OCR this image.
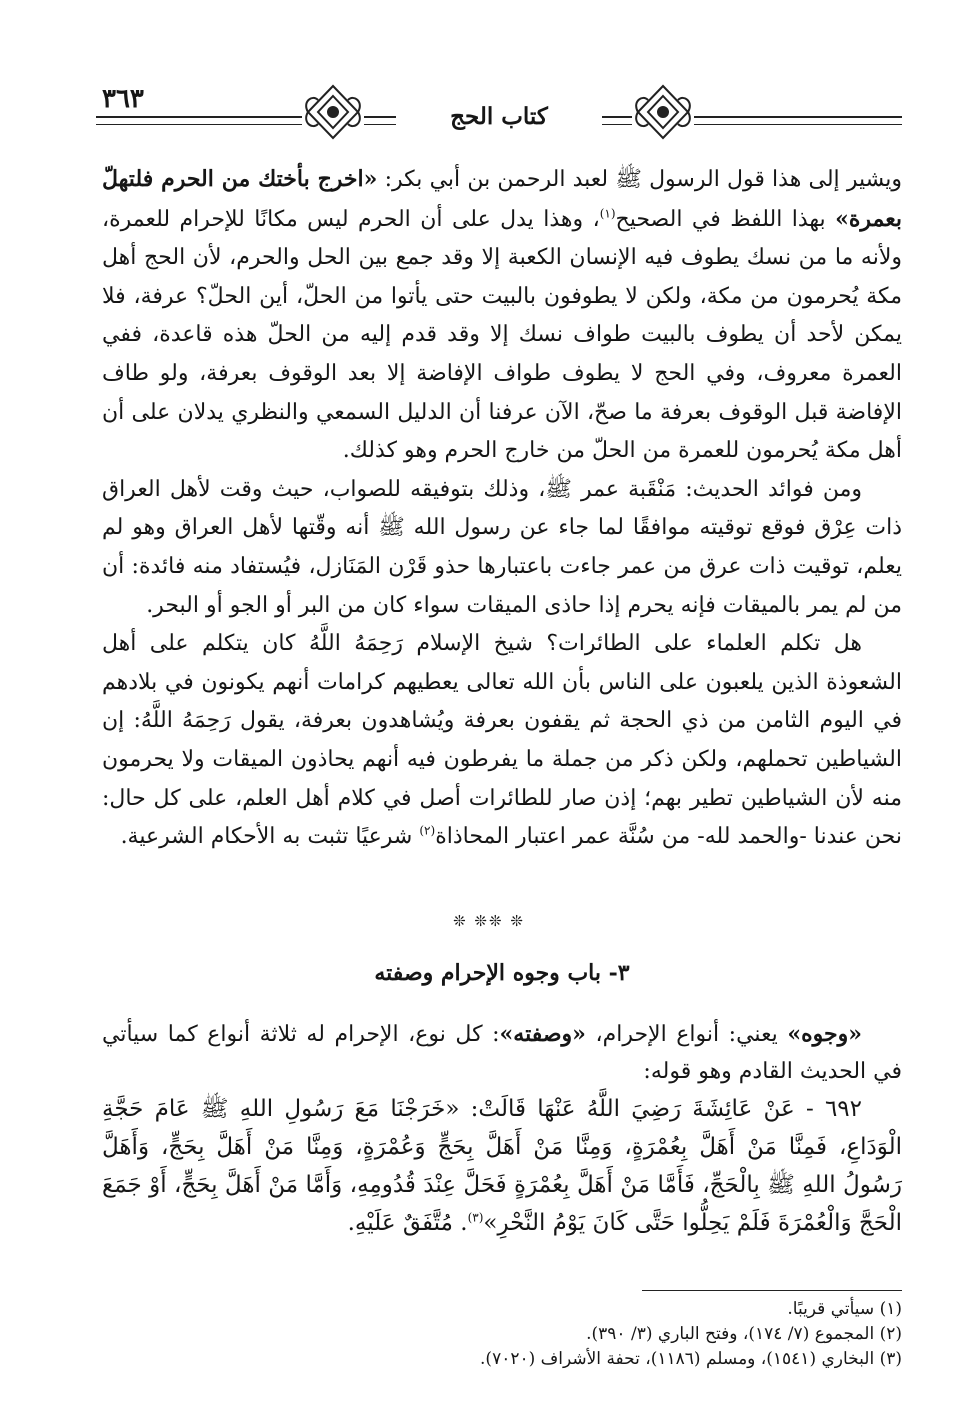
٣٦٣
كتاب الحج

ويشير إلى هذا قول الرسول ﷺ لعبد الرحمن بن أبي بكر: «اخرج بأختك من الحرم فلتهلّ بعمرة» بهذا اللفظ في الصحيح$^{(١)}$، وهذا يدل على أن الحرم ليس مكانًا للإحرام للعمرة، ولأنه ما من نسك يطوف فيه الإنسان الكعبة إلا وقد جمع بين الحل والحرم، لأن الحج أهل مكة يُحرمون من مكة، ولكن لا يطوفون بالبيت حتى يأتوا من الحلّ، أين الحلّ؟ عرفة، فلا يمكن لأحد أن يطوف بالبيت طواف نسك إلا وقد قدم إليه من الحلّ هذه قاعدة، ففي العمرة معروف، وفي الحج لا يطوف طواف الإفاضة إلا بعد الوقوف بعرفة، ولو طاف الإفاضة قبل الوقوف بعرفة ما صحّ، الآن عرفنا أن الدليل السمعي والنظري يدلان على أن أهل مكة يُحرمون للعمرة من الحلّ من خارج الحرم وهو كذلك.

ومن فوائد الحديث: مَنْقَبة عمر ﷺ، وذلك بتوفيقه للصواب، حيث وقت لأهل العراق ذات عِرْق فوقع توقيته موافقًا لما جاء عن رسول الله ﷺ أنه وقّتها لأهل العراق وهو لم يعلم، توقيت ذات عرق من عمر جاءت باعتبارها حذو قَرْن المَنَازل، فيُستفاد منه فائدة: أن من لم يمر بالميقات فإنه يحرم إذا حاذى الميقات سواء كان من البر أو الجو أو البحر.

هل تكلم العلماء على الطائرات؟ شيخ الإسلام رَحِمَهُ اللَّهُ كان يتكلم على أهل الشعوذة الذين يلعبون على الناس بأن الله تعالى يعطيهم كرامات أنهم يكونون في بلادهم في اليوم الثامن من ذي الحجة ثم يقفون بعرفة ويُشاهدون بعرفة، يقول رَحِمَهُ اللَّهُ: إن الشياطين تحملهم، ولكن ذكر من جملة ما يفرطون فيه أنهم يحاذون الميقات ولا يحرمون منه لأن الشياطين تطير بهم؛ إذن صار للطائرات أصل في كلام أهل العلم، على كل حال: نحن عندنا -والحمد لله- من سُنَّة عمر اعتبار المحاذاة$^{(٢)}$ شرعيًا تثبت به الأحكام الشرعية.

❊ ❊❊ ❊
٣- باب وجوه الإحرام وصفته

«وجوه» يعني: أنواع الإحرام، «وصفته»: كل نوع، الإحرام له ثلاثة أنواع كما سيأتي في الحديث القادم وهو قوله:

٦٩٢ - عَنْ عَائِشَةَ رَضِيَ اللَّهُ عَنْهَا قَالَتْ: «خَرَجْنَا مَعَ رَسُولِ اللهِ ﷺ عَامَ حَجَّةِ الْوَدَاعِ، فَمِنَّا مَنْ أَهَلَّ بِعُمْرَةٍ، وَمِنَّا مَنْ أَهَلَّ بِحَجٍّ وَعُمْرَةٍ، وَمِنَّا مَنْ أَهَلَّ بِحَجٍّ، وَأَهَلَّ رَسُولُ اللهِ ﷺ بِالْحَجِّ، فَأَمَّا مَنْ أَهَلَّ بِعُمْرَةٍ فَحَلَّ عِنْدَ قُدُومِهِ، وَأَمَّا مَنْ أَهَلَّ بِحَجٍّ، أَوْ جَمَعَ الْحَجَّ وَالْعُمْرَةَ فَلَمْ يَحِلُّوا حَتَّى كَانَ يَوْمُ النَّحْرِ»$^{(٣)}$. مُتَّفَقٌ عَلَيْهِ.

(١) سيأتي قريبًا.
(٢) المجموع (٧/ ١٧٤)، وفتح الباري (٣/ ٣٩٠).
(٣) البخاري (١٥٤١)، ومسلم (١١٨٦)، تحفة الأشراف (٧٠٢٠).
